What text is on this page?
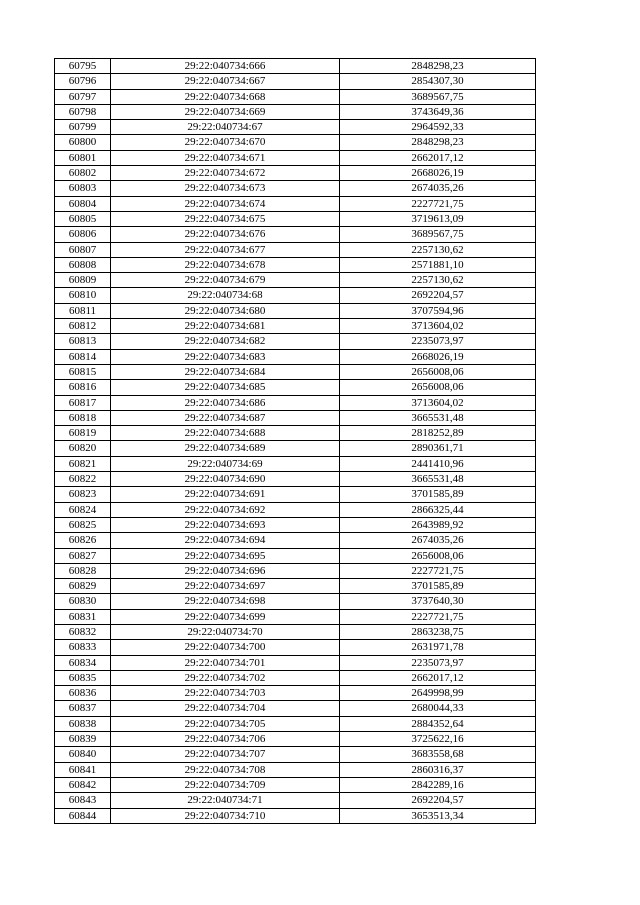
60795	29:22:040734:666	2848298,23
60796	29:22:040734:667	2854307,30
60797	29:22:040734:668	3689567,75
60798	29:22:040734:669	3743649,36
60799	29:22:040734:67	2964592,33
60800	29:22:040734:670	2848298,23
60801	29:22:040734:671	2662017,12
60802	29:22:040734:672	2668026,19
60803	29:22:040734:673	2674035,26
60804	29:22:040734:674	2227721,75
60805	29:22:040734:675	3719613,09
60806	29:22:040734:676	3689567,75
60807	29:22:040734:677	2257130,62
60808	29:22:040734:678	2571881,10
60809	29:22:040734:679	2257130,62
60810	29:22:040734:68	2692204,57
60811	29:22:040734:680	3707594,96
60812	29:22:040734:681	3713604,02
60813	29:22:040734:682	2235073,97
60814	29:22:040734:683	2668026,19
60815	29:22:040734:684	2656008,06
60816	29:22:040734:685	2656008,06
60817	29:22:040734:686	3713604,02
60818	29:22:040734:687	3665531,48
60819	29:22:040734:688	2818252,89
60820	29:22:040734:689	2890361,71
60821	29:22:040734:69	2441410,96
60822	29:22:040734:690	3665531,48
60823	29:22:040734:691	3701585,89
60824	29:22:040734:692	2866325,44
60825	29:22:040734:693	2643989,92
60826	29:22:040734:694	2674035,26
60827	29:22:040734:695	2656008,06
60828	29:22:040734:696	2227721,75
60829	29:22:040734:697	3701585,89
60830	29:22:040734:698	3737640,30
60831	29:22:040734:699	2227721,75
60832	29:22:040734:70	2863238,75
60833	29:22:040734:700	2631971,78
60834	29:22:040734:701	2235073,97
60835	29:22:040734:702	2662017,12
60836	29:22:040734:703	2649998,99
60837	29:22:040734:704	2680044,33
60838	29:22:040734:705	2884352,64
60839	29:22:040734:706	3725622,16
60840	29:22:040734:707	3683558,68
60841	29:22:040734:708	2860316,37
60842	29:22:040734:709	2842289,16
60843	29:22:040734:71	2692204,57
60844	29:22:040734:710	3653513,34
